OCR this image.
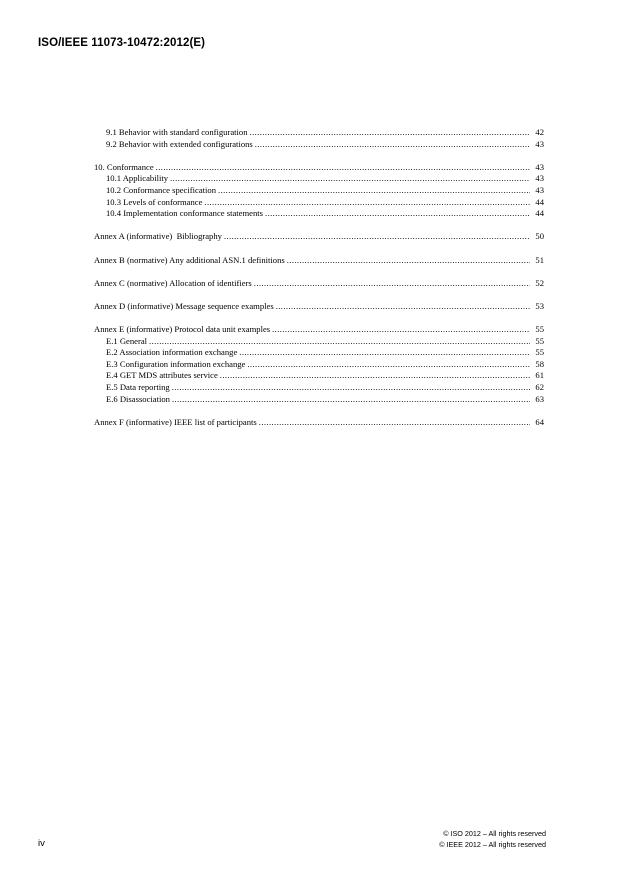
ISO/IEEE 11073-10472:2012(E)
9.1 Behavior with standard configuration .....	42
9.2 Behavior with extended configurations .....	43
10. Conformance .....	43
10.1 Applicability .....	43
10.2 Conformance specification .....	43
10.3 Levels of conformance .....	44
10.4 Implementation conformance statements .....	44
Annex A (informative)  Bibliography .....	50
Annex B (normative) Any additional ASN.1 definitions .....	51
Annex C (normative) Allocation of identifiers .....	52
Annex D (informative) Message sequence examples .....	53
Annex E (informative) Protocol data unit examples .....	55
E.1 General .....	55
E.2 Association information exchange .....	55
E.3 Configuration information exchange .....	58
E.4 GET MDS attributes service .....	61
E.5 Data reporting .....	62
E.6 Disassociation .....	63
Annex F (informative) IEEE list of participants .....	64
iv
© ISO 2012 – All rights reserved
© IEEE 2012 – All rights reserved
